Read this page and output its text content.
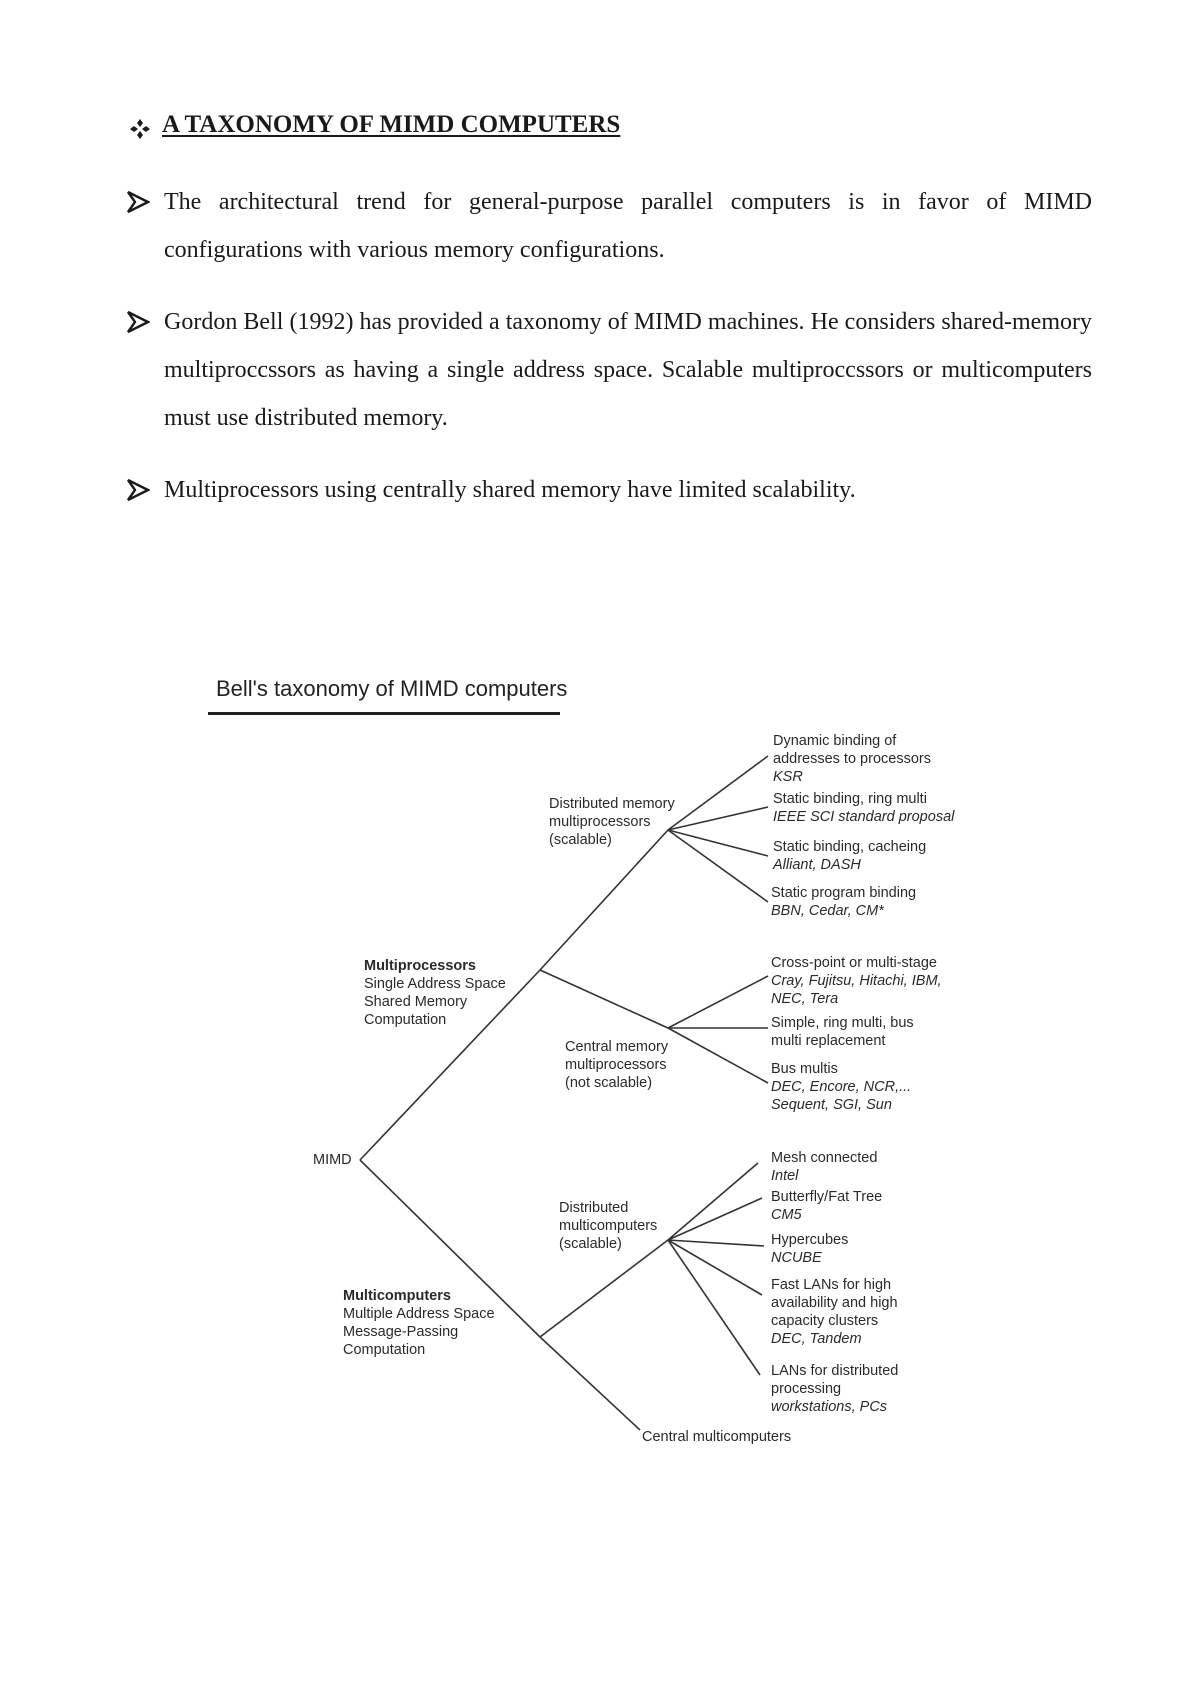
A TAXONOMY OF MIMD COMPUTERS
The architectural trend for general-purpose parallel computers is in favor of MIMD configurations with various memory configurations.
Gordon Bell (1992) has provided a taxonomy of MIMD machines. He considers shared-memory multiproccssors as having a single address space. Scalable multiproccssors or multicomputers must use distributed memory.
Multiprocessors using centrally shared memory have limited scalability.
Bell's taxonomy of MIMD computers
MIMD
Multiprocessors Single Address Space Shared Memory Computation
Multicomputers Multiple Address Space Message-Passing Computation
Distributed memory multiprocessors (scalable)
Central memory multiprocessors (not scalable)
Distributed multicomputers (scalable)
Central multicomputers
Dynamic binding of addresses to processors KSR
Static binding, ring multi IEEE SCI standard proposal
Static binding, cacheing Alliant, DASH
Static program binding BBN, Cedar, CM*
Cross-point or multi-stage Cray, Fujitsu, Hitachi, IBM, NEC, Tera
Simple, ring multi, bus multi replacement
Bus multis DEC, Encore, NCR,... Sequent, SGI, Sun
Mesh connected Intel
Butterfly/Fat Tree CM5
Hypercubes NCUBE
Fast LANs for high availability and high capacity clusters DEC, Tandem
LANs for distributed processing workstations, PCs
